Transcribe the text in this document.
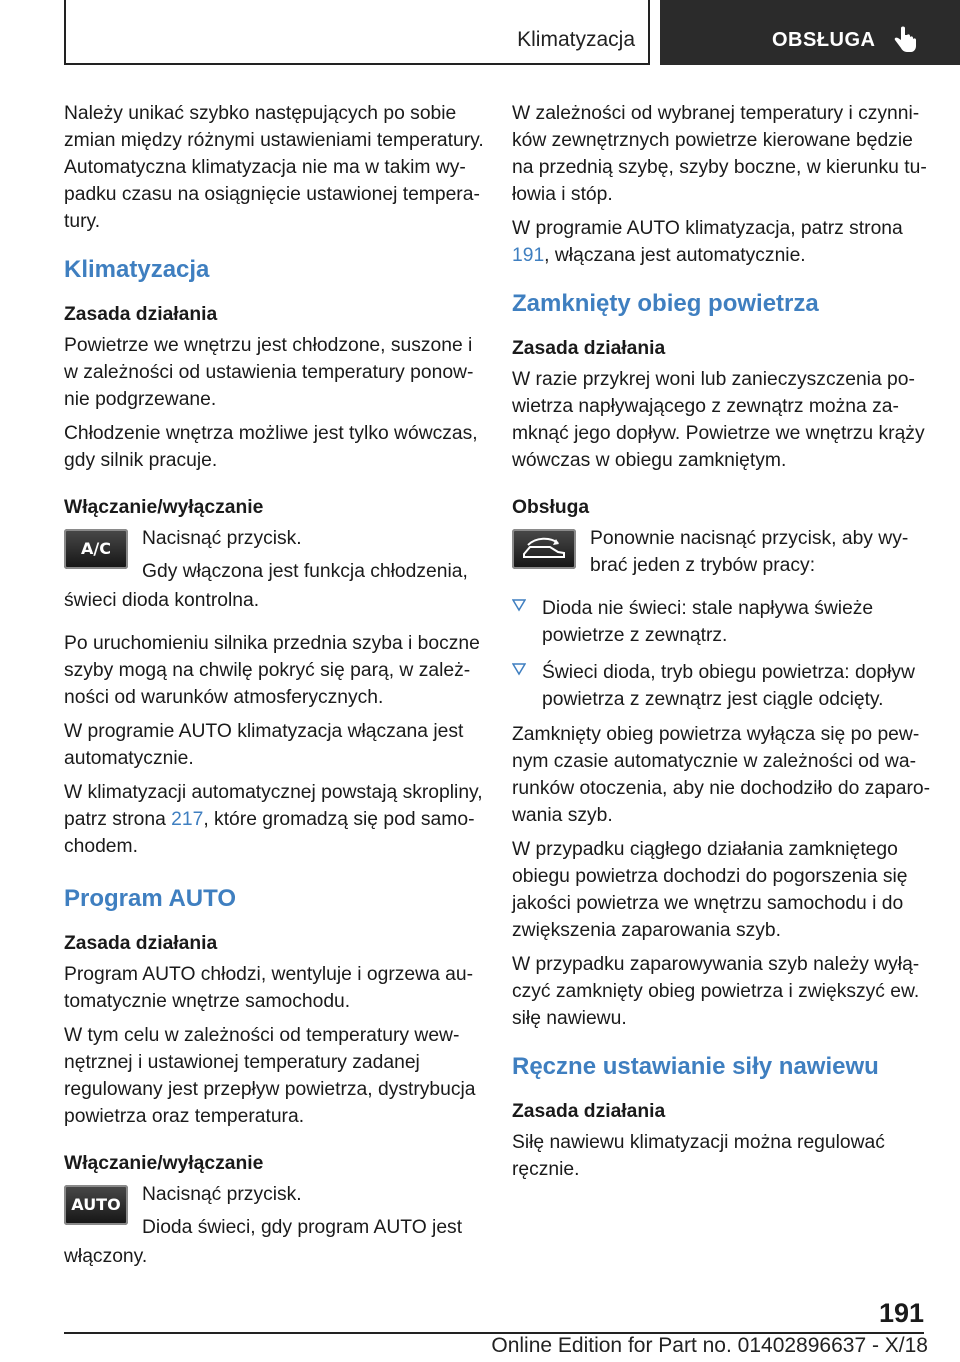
Klimatyzacja	OBSŁUGA

Należy unikać szybko następujących po sobie zmian między różnymi ustawieniami temperatury. Automatyczna klimatyzacja nie ma w takim wypadku czasu na osiągnięcie ustawionej temperatury.

Klimatyzacja
Zasada działania

Powietrze we wnętrzu jest chłodzone, suszone i w zależności od ustawienia temperatury ponownie podgrzewane.

Chłodzenie wnętrza możliwe jest tylko wówczas, gdy silnik pracuje.

Włączanie/wyłączanie
A/C	Nacisnąć przycisk.

Gdy włączona jest funkcja chłodzenia,

świeci dioda kontrolna.

Po uruchomieniu silnika przednia szyba i boczne szyby mogą na chwilę pokryć się parą, w zależności od warunków atmosferycznych.

W programie AUTO klimatyzacja włączana jest automatycznie.

W klimatyzacji automatycznej powstają skropliny, patrz strona 217, które gromadzą się pod samochodem.

Program AUTO
Zasada działania

Program AUTO chłodzi, wentyluje i ogrzewa automatycznie wnętrze samochodu.

W tym celu w zależności od temperatury wewnętrznej i ustawionej temperatury zadanej regulowany jest przepływ powietrza, dystrybucja powietrza oraz temperatura.

Włączanie/wyłączanie
AUTO	Nacisnąć przycisk.

Dioda świeci, gdy program AUTO jest

włączony.

W zależności od wybranej temperatury i czynników zewnętrznych powietrze kierowane będzie na przednią szybę, szyby boczne, w kierunku tułowia i stóp.

W programie AUTO klimatyzacja, patrz strona 191, włączana jest automatycznie.

Zamknięty obieg powietrza
Zasada działania

W razie przykrej woni lub zanieczyszczenia powietrza napływającego z zewnątrz można zamknąć jego dopływ. Powietrze we wnętrzu krąży wówczas w obiegu zamkniętym.

Obsługa

Ponownie nacisnąć przycisk, aby wybrać jeden z trybów pracy:

Dioda nie świeci: stale napływa świeże powietrze z zewnątrz.

Świeci dioda, tryb obiegu powietrza: dopływ powietrza z zewnątrz jest ciągle odcięty.

Zamknięty obieg powietrza wyłącza się po pewnym czasie automatycznie w zależności od warunków otoczenia, aby nie dochodziło do zaparowania szyb.

W przypadku ciągłego działania zamkniętego obiegu powietrza dochodzi do pogorszenia się jakości powietrza we wnętrzu samochodu i do zwiększenia zaparowania szyb.

W przypadku zaparowywania szyb należy wyłączyć zamknięty obieg powietrza i zwiększyć ew. siłę nawiewu.

Ręczne ustawianie siły nawiewu
Zasada działania

Siłę nawiewu klimatyzacji można regulować ręcznie.

191
Online Edition for Part no. 01402896637 - X/18
